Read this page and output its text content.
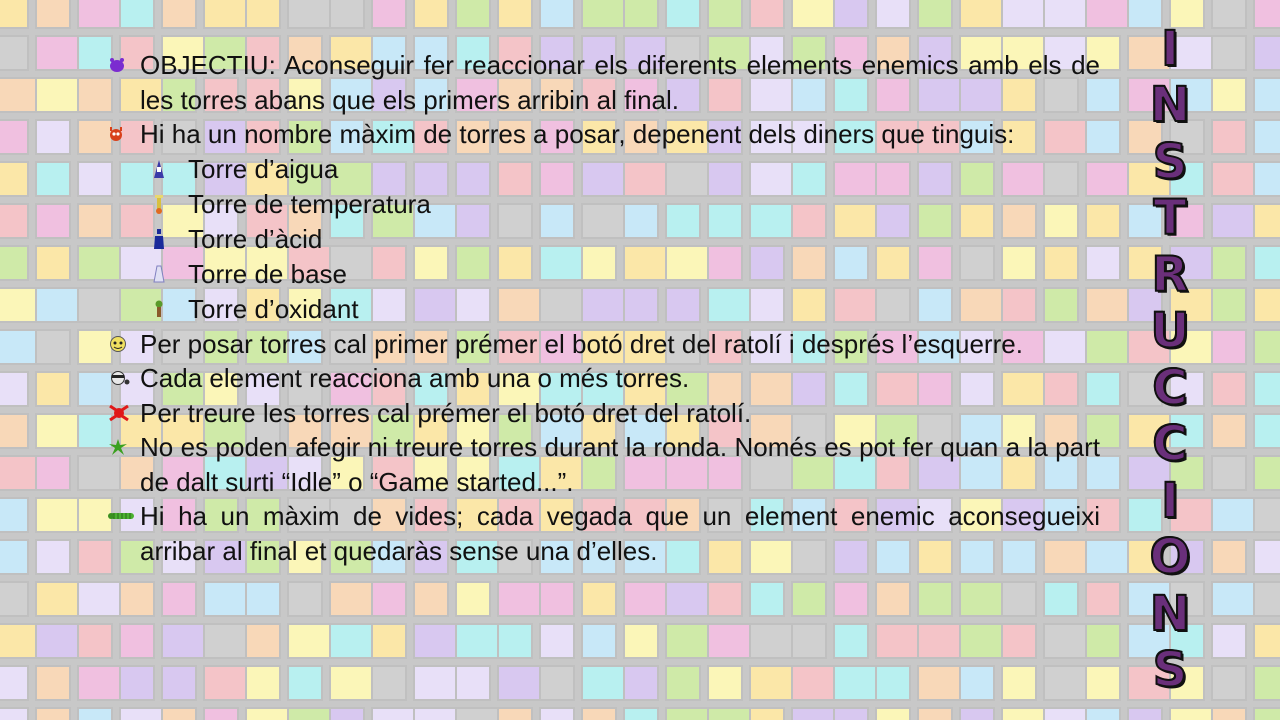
OBJECTIU: Aconseguir fer reaccionar els diferents elements enemics amb els de les torres abans que els primers arribin al final.
Hi ha un nombre màxim de torres a posar, depenent dels diners que tinguis:
Torre d’aigua
Torre de temperatura
Torre d’àcid
Torre de base
Torre d’oxidant
Per posar torres cal primer prémer el botó dret del ratolí i després l’esquerre.
Cada element reacciona amb una o més torres.
Per treure les torres cal prémer el botó dret del ratolí.
No es poden afegir ni treure torres durant la ronda. Només es pot fer quan a la part de dalt surti “Idle” o “Game started...”.
Hi ha un màxim de vides; cada vegada que un element enemic aconsegueixi arribar al final et quedaràs sense una d’elles.
I
N
S
T
R
U
C
C
I
O
N
S
